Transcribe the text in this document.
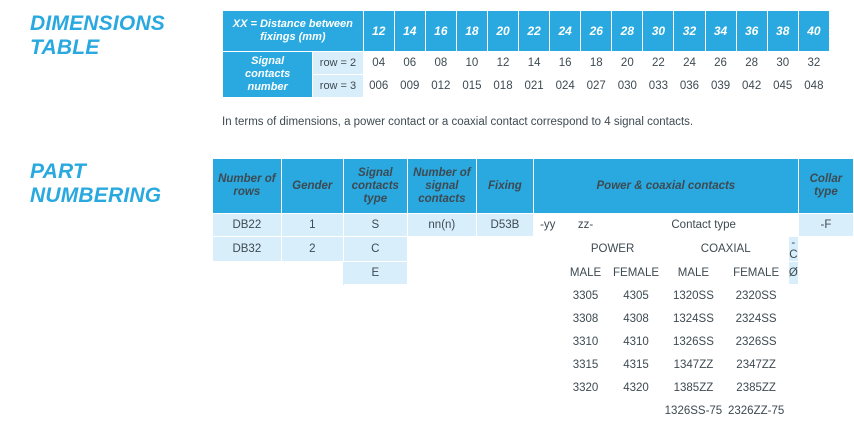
DIMENSIONS
TABLE
XX = Distance between fixings (mm)		12	14	16	18	20	22	24	26	28	30	32	34	36	38	40

Signal
contacts
number	row = 2	04	06	08	10	12	14	16	18	20	22	24	26	28	30	32
	row = 3	006	009	012	015	018	021	024	027	030	033	036	039	042	045	048
In terms of dimensions, a power contact or a coaxial contact correspond to 4 signal contacts.
PART
NUMBERING
Number of rows	Gender	Signal contacts type	Number of signal contacts	Fixing	Power & coaxial contacts						Collar type
DB22	1	S	nn(n)	D53B	-yy	zz-	Contact type				-F
DB32	2	C				POWER		COAXIAL		-C	
		E				MALE	FEMALE	MALE	FEMALE	Ø	
						3305	4305	1320SS	2320SS		
						3308	4308	1324SS	2324SS		
						3310	4310	1326SS	2326SS		
						3315	4315	1347ZZ	2347ZZ		
						3320	4320	1385ZZ	2385ZZ		
								1326SS-75	2326ZZ-75		
